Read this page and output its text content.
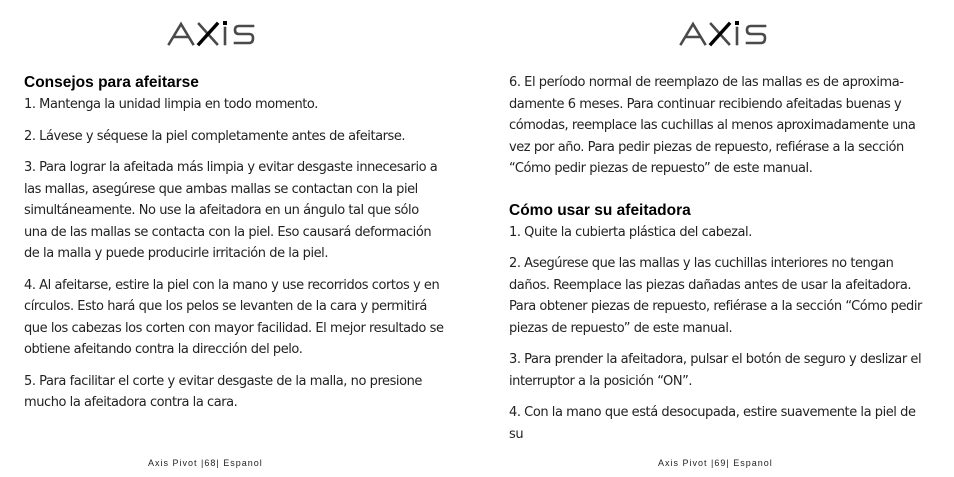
Consejos para afeitarse

1. Mantenga la unidad limpia en todo momento.

2. Lávese y séquese la piel completamente antes de afeitarse.

3. Para lograr la afeitada más limpia y evitar desgaste innecesario a las mallas, asegúrese que ambas mallas se contactan con la piel simultáneamente. No use la afeitadora en un ángulo tal que sólo una de las mallas se contacta con la piel. Eso causará deformación de la malla y puede producirle irritación de la piel.

4. Al afeitarse, estire la piel con la mano y use recorridos cortos y en círculos. Esto hará que los pelos se levanten de la cara y permitirá que los cabezas los corten con mayor facilidad. El mejor resultado se obtiene afeitando contra la dirección del pelo.

5. Para facilitar el corte y evitar desgaste de la malla, no presione mucho la afeitadora contra la cara.

Axis Pivot |68| Espanol

6. El período normal de reemplazo de las mallas es de aproxima-damente 6 meses. Para continuar recibiendo afeitadas buenas y cómodas, reemplace las cuchillas al menos aproximadamente una vez por año. Para pedir piezas de repuesto, refiérase a la sección “Cómo pedir piezas de repuesto” de este manual.

Cómo usar su afeitadora

1. Quite la cubierta plástica del cabezal.

2. Asegúrese que las mallas y las cuchillas interiores no tengan daños. Reemplace las piezas dañadas antes de usar la afeitadora. Para obtener piezas de repuesto, refiérase a la sección “Cómo pedir piezas de repuesto” de este manual.

3. Para prender la afeitadora, pulsar el botón de seguro y deslizar el interruptor a la posición “ON”.

4. Con la mano que está desocupada, estire suavemente la piel de su

Axis Pivot |69| Espanol
